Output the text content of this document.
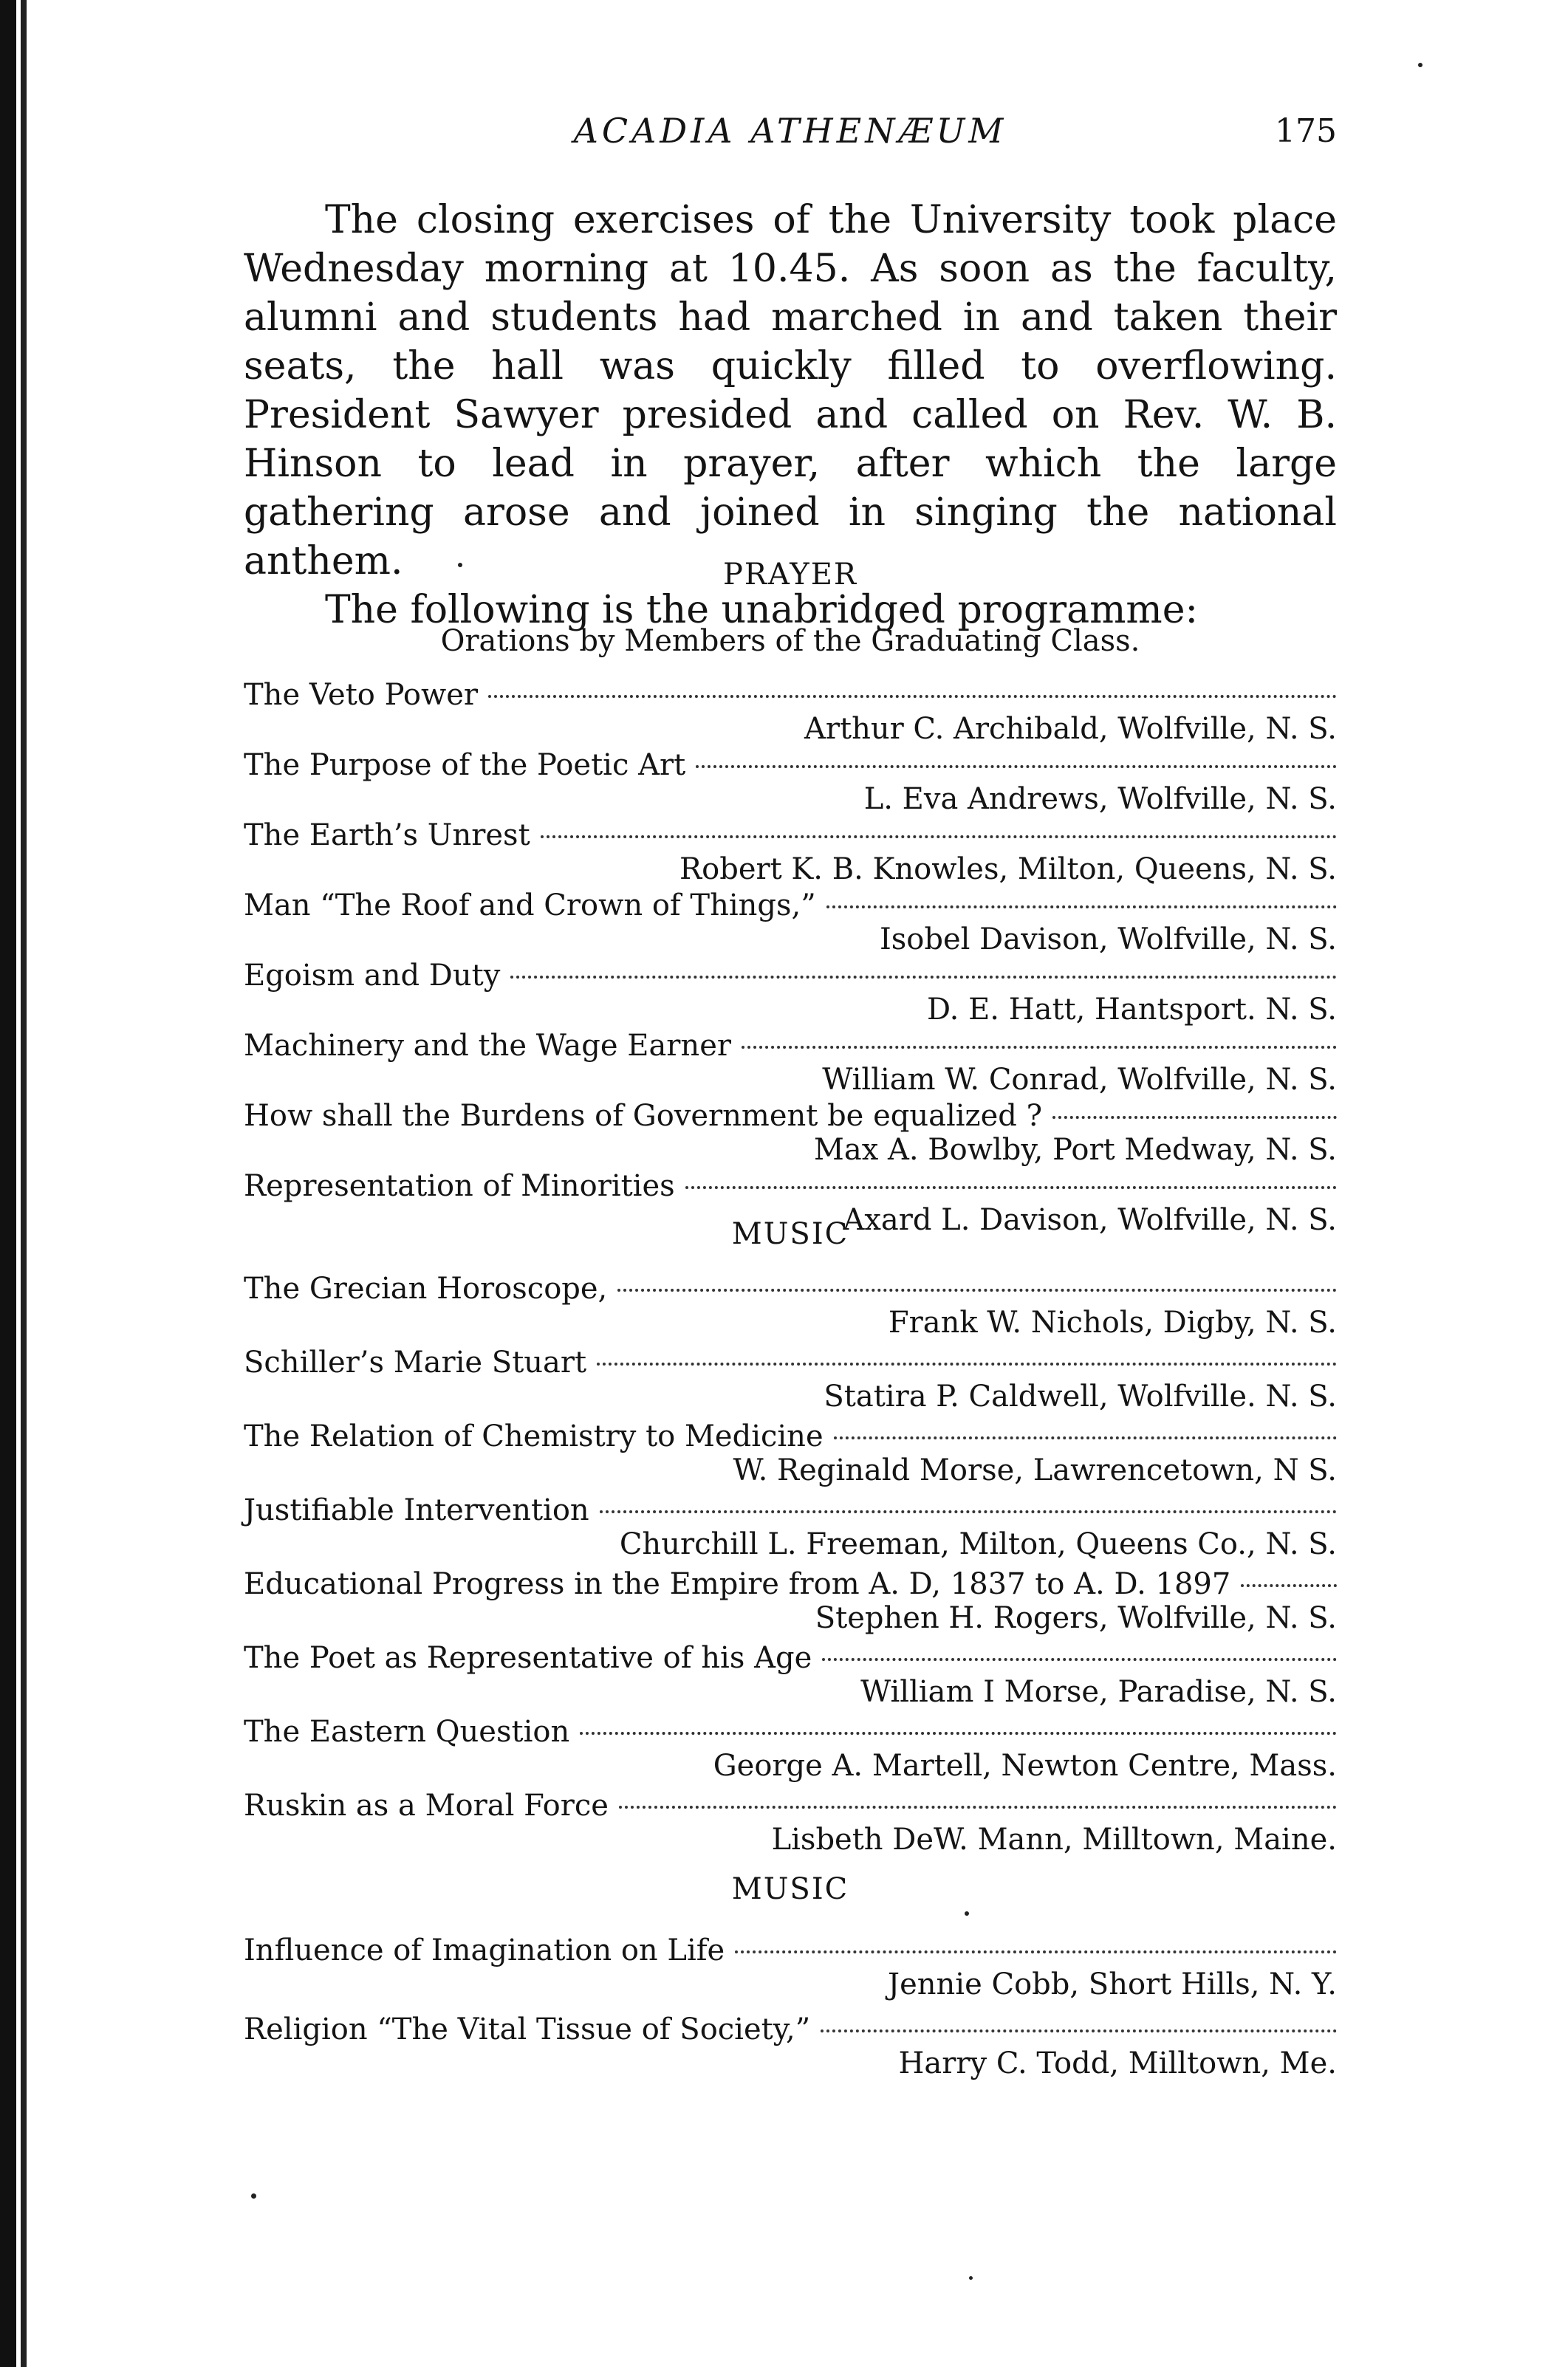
ACADIA ATHENÆUM	175

The closing exercises of the University took place Wednesday morning at 10.45. As soon as the faculty, alumni and students had marched in and taken their seats, the hall was quickly filled to overflowing. President Sawyer presided and called on Rev. W. B. Hinson to lead in prayer, after which the large gathering arose and joined in singing the national anthem.

The following is the unabridged programme:

PRAYER
Orations by Members of the Graduating Class.
The Veto Power
Arthur C. Archibald, Wolfville, N. S.
The Purpose of the Poetic Art
L. Eva Andrews, Wolfville, N. S.
The Earth’s Unrest
Robert K. B. Knowles, Milton, Queens, N. S.
Man “The Roof and Crown of Things,”
Isobel Davison, Wolfville, N. S.
Egoism and Duty
D. E. Hatt, Hantsport. N. S.
Machinery and the Wage Earner
William W. Conrad, Wolfville, N. S.
How shall the Burdens of Government be equalized ?
Max A. Bowlby, Port Medway, N. S.
Representation of Minorities
Axard L. Davison, Wolfville, N. S.
MUSIC
The Grecian Horoscope,
Frank W. Nichols, Digby, N. S.
Schiller’s Marie Stuart
Statira P. Caldwell, Wolfville. N. S.
The Relation of Chemistry to Medicine
W. Reginald Morse, Lawrencetown, N S.
Justifiable Intervention
Churchill L. Freeman, Milton, Queens Co., N. S.
Educational Progress in the Empire from A. D, 1837 to A. D. 1897
Stephen H. Rogers, Wolfville, N. S.
The Poet as Representative of his Age
William I Morse, Paradise, N. S.
The Eastern Question
George A. Martell, Newton Centre, Mass.
Ruskin as a Moral Force
Lisbeth DeW. Mann, Milltown, Maine.
MUSIC
Influence of Imagination on Life
Jennie Cobb, Short Hills, N. Y.
Religion “The Vital Tissue of Society,”
Harry C. Todd, Milltown, Me.
